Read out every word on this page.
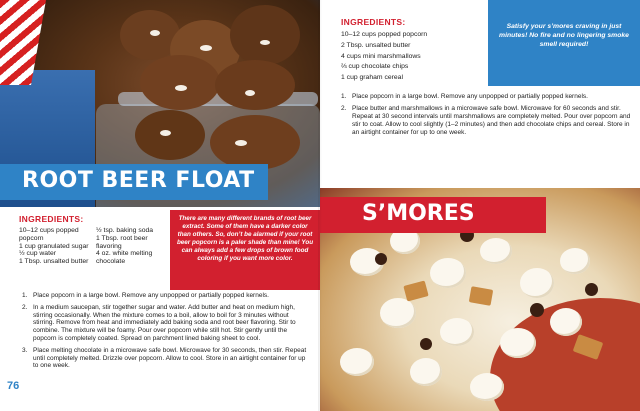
ROOT BEER FLOAT
INGREDIENTS:
10–12 cups popped popcorn
1 cup granulated sugar
½ cup water
1 Tbsp. unsalted butter
½ tsp. baking soda
1 Tbsp. root beer flavoring
4 oz. white melting chocolate
There are many different brands of root beer extract. Some of them have a darker color than others. So, don’t be alarmed if your root beer popcorn is a paler shade than mine! You can always add a few drops of brown food coloring if you want more color.
1. Place popcorn in a large bowl. Remove any unpopped or partially popped kernels.
2. In a medium saucepan, stir together sugar and water. Add butter and heat on medium high, stirring occasionally. When the mixture comes to a boil, allow to boil for 3 minutes without stirring. Remove from heat and immediately add baking soda and root beer flavoring. Stir to combine. The mixture will be foamy. Pour over popcorn while still hot. Stir gently until the popcorn is completely coated. Spread on parchment lined baking sheet to cool.
3. Place melting chocolate in a microwave safe bowl. Microwave for 30 seconds, then stir. Repeat until completely melted. Drizzle over popcorn. Allow to cool. Store in an airtight container for up to one week.
76
INGREDIENTS:
10–12 cups popped popcorn
2 Tbsp. unsalted butter
4 cups mini marshmallows
⅔ cup chocolate chips
1 cup graham cereal
Satisfy your s’mores craving in just minutes! No fire and no lingering smoke smell required!
1. Place popcorn in a large bowl. Remove any unpopped or partially popped kernels.
2. Place butter and marshmallows in a microwave safe bowl. Microwave for 60 seconds and stir. Repeat at 30 second intervals until marshmallows are completely melted. Pour over popcorn and stir to coat. Allow to cool slightly (1–2 minutes) and then add chocolate chips and cereal. Store in an airtight container for up to one week.
S’MORES
